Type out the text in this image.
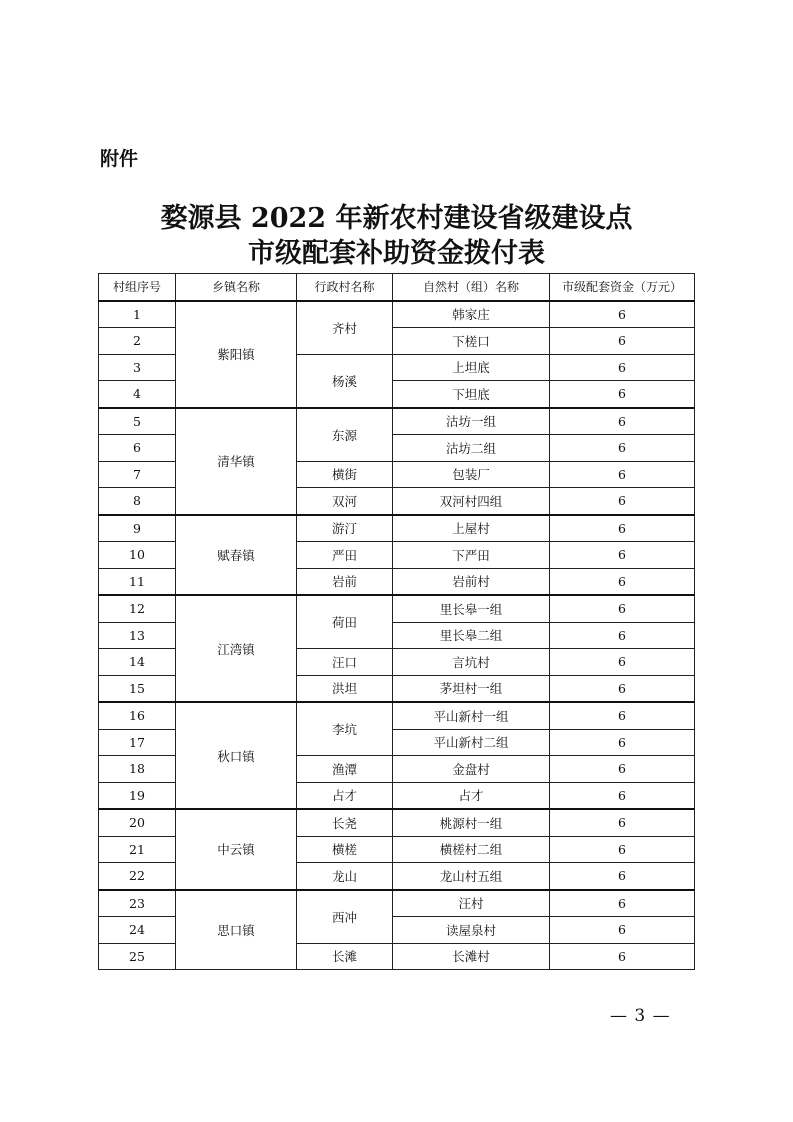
附件
婺源县 2022 年新农村建设省级建设点
市级配套补助资金拨付表
村组序号	乡镇名称	行政村名称	自然村（组）名称	市级配套资金（万元）
1	紫阳镇	齐村	韩家庄	6
2			下槎口	6
3		杨溪	上坦底	6
4			下坦底	6
5	清华镇	东源	沽坊一组	6
6			沽坊二组	6
7		横街	包装厂	6
8		双河	双河村四组	6
9	赋春镇	游汀	上屋村	6
10		严田	下严田	6
11		岩前	岩前村	6
12	江湾镇	荷田	里长皋一组	6
13			里长皋二组	6
14		汪口	言坑村	6
15		洪坦	茅坦村一组	6
16	秋口镇	李坑	平山新村一组	6
17			平山新村二组	6
18		渔潭	金盘村	6
19		占才	占才	6
20	中云镇	长尧	桃源村一组	6
21		横槎	横槎村二组	6
22		龙山	龙山村五组	6
23	思口镇	西冲	汪村	6
24			读屋泉村	6
25		长滩	长滩村	6
— 3 —
